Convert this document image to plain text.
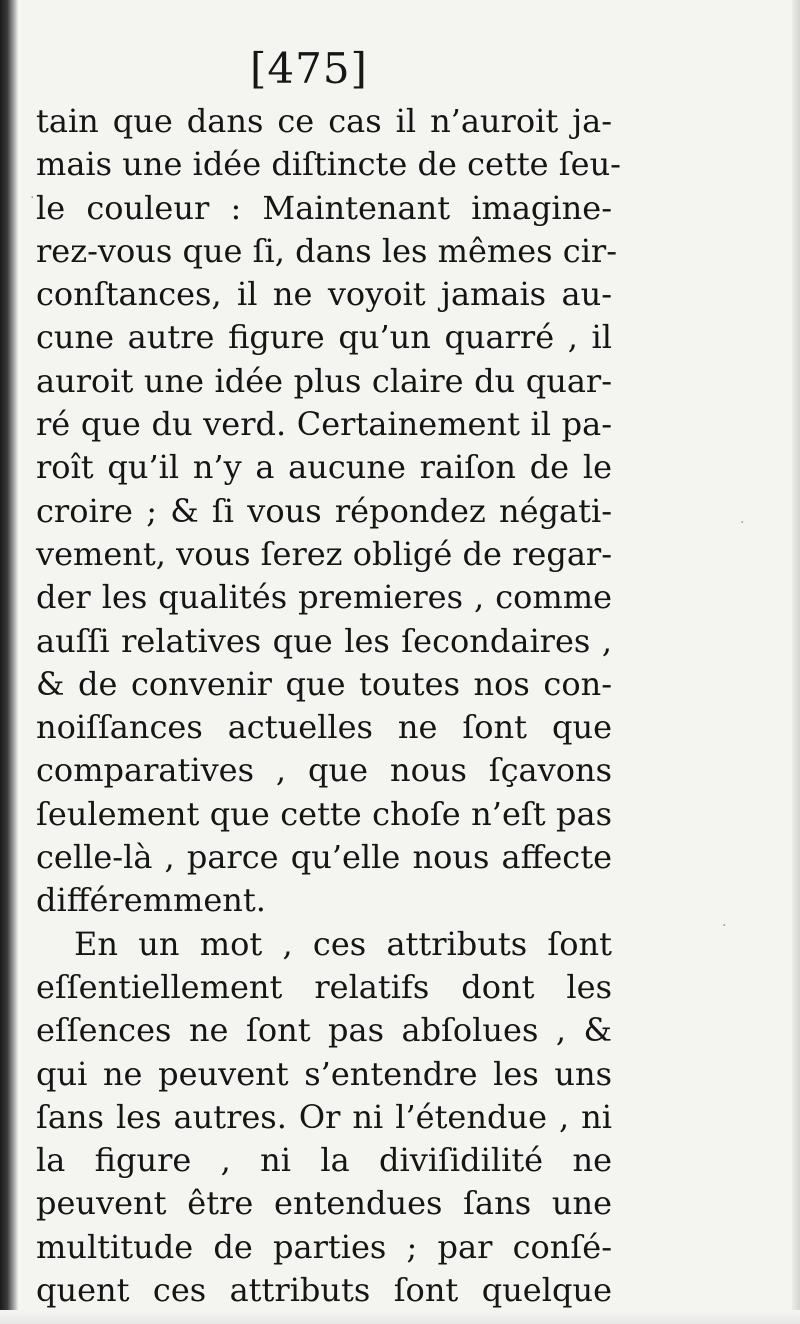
[475]
tain que dans ce cas il n’auroit ja-
mais une idée diſtincte de cette ſeu-
le couleur : Maintenant imagine-
rez-vous que ſi, dans les mêmes cir-
conſtances, il ne voyoit jamais au-
cune autre figure qu’un quarré , il
auroit une idée plus claire du quar-
ré que du verd. Certainement il pa-
roît qu’il n’y a aucune raiſon de le
croire ; & ſi vous répondez négati-
vement, vous ſerez obligé de regar-
der les qualités premieres , comme
auſſi relatives que les ſecondaires ,
& de convenir que toutes nos con-
noiſſances actuelles ne ſont que
comparatives , que nous ſçavons
ſeulement que cette choſe n’eſt pas
celle-là , parce qu’elle nous affecte
différemment.
En un mot , ces attributs ſont
eſſentiellement relatifs dont les
eſſences ne ſont pas abſolues , &
qui ne peuvent s’entendre les uns
ſans les autres. Or ni l’étendue , ni
la figure , ni la diviſidilité ne
peuvent être entendues ſans une
multitude de parties ; par conſé-
quent ces attributs ſont quelque
·
·
·
